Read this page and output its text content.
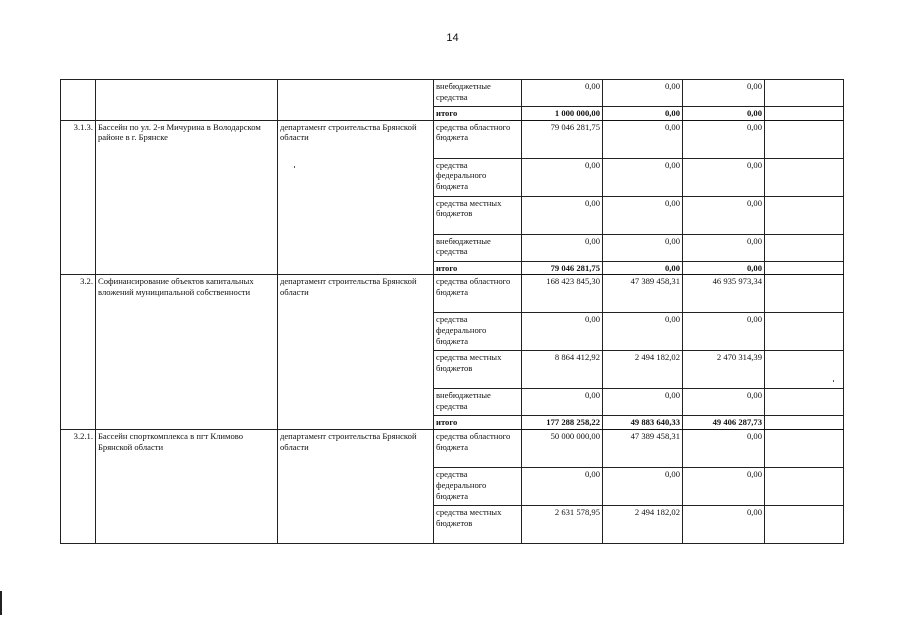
14
			внебюджетные средства	0,00	0,00	0,00	
			итого	1 000 000,00	0,00	0,00	
3.1.3.	Бассейн по ул. 2-я Мичурина в Володарском районе в г. Брянске	департамент строительства Брянской области	средства областного бюджета	79 046 281,75	0,00	0,00	
			средства федерального бюджета	0,00	0,00	0,00	
			средства местных бюджетов	0,00	0,00	0,00	
			внебюджетные средства	0,00	0,00	0,00	
			итого	79 046 281,75	0,00	0,00	
3.2.	Софинансирование объектов капитальных вложений муниципальной собственности	департамент строительства Брянской области	средства областного бюджета	168 423 845,30	47 389 458,31	46 935 973,34	
			средства федерального бюджета	0,00	0,00	0,00	
			средства местных бюджетов	8 864 412,92	2 494 182,02	2 470 314,39	
			внебюджетные средства	0,00	0,00	0,00	
			итого	177 288 258,22	49 883 640,33	49 406 287,73	
3.2.1.	Бассейн спорткомплекса в пгт Климово Брянской области	департамент строительства Брянской области	средства областного бюджета	50 000 000,00	47 389 458,31	0,00	
			средства федерального бюджета	0,00	0,00	0,00	
			средства местных бюджетов	2 631 578,95	2 494 182,02	0,00	
